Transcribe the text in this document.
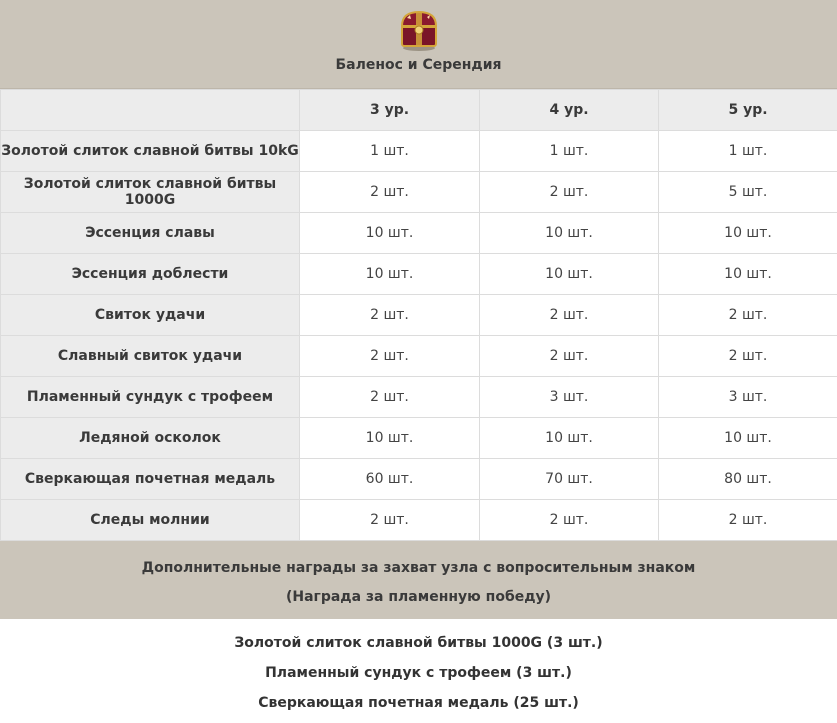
Баленос и Серендия
	3 ур.	4 ур.	5 ур.
Золотой слиток славной битвы 10kG	1 шт.	1 шт.	1 шт.
Золотой слиток славной битвы 1000G	2 шт.	2 шт.	5 шт.
Эссенция славы	10 шт.	10 шт.	10 шт.
Эссенция доблести	10 шт.	10 шт.	10 шт.
Свиток удачи	2 шт.	2 шт.	2 шт.
Славный свиток удачи	2 шт.	2 шт.	2 шт.
Пламенный сундук с трофеем	2 шт.	3 шт.	3 шт.
Ледяной осколок	10 шт.	10 шт.	10 шт.
Сверкающая почетная медаль	60 шт.	70 шт.	80 шт.
Следы молнии	2 шт.	2 шт.	2 шт.
Дополнительные награды за захват узла с вопросительным знаком
(Награда за пламенную победу)
Золотой слиток славной битвы 1000G (3 шт.)
Пламенный сундук с трофеем (3 шт.)
Сверкающая почетная медаль (25 шт.)
